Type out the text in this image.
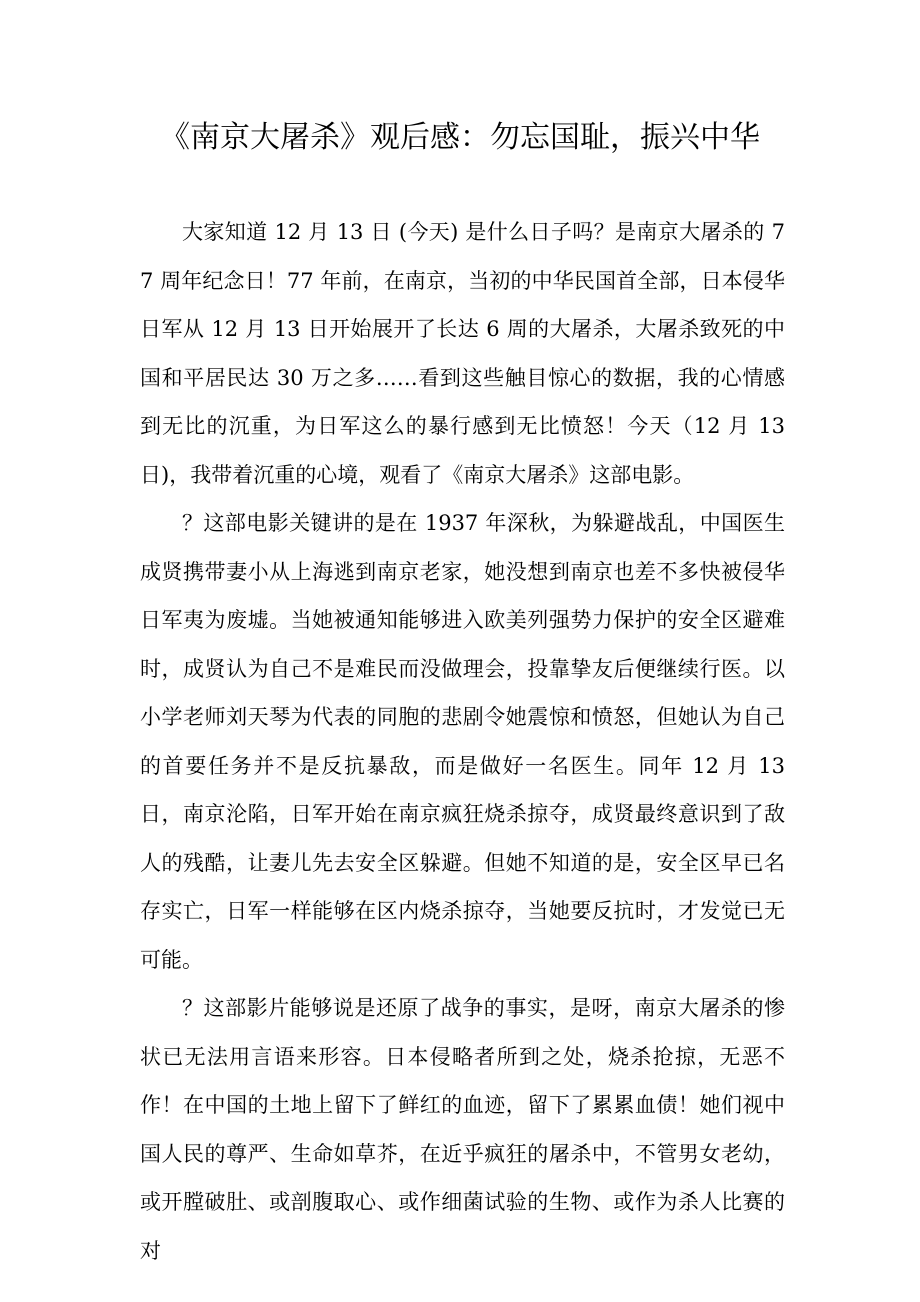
《南京大屠杀》观后感：勿忘国耻，振兴中华

大家知道 12 月 13 日 (今天) 是什么日子吗？是南京大屠杀的 77 周年纪念日！77 年前，在南京，当初的中华民国首全部，日本侵华日军从 12 月 13 日开始展开了长达 6 周的大屠杀，大屠杀致死的中国和平居民达 30 万之多……看到这些触目惊心的数据，我的心情感到无比的沉重，为日军这么的暴行感到无比愤怒！今天（12 月 13 日)，我带着沉重的心境，观看了《南京大屠杀》这部电影。

？这部电影关键讲的是在 1937 年深秋，为躲避战乱，中国医生成贤携带妻小从上海逃到南京老家，她没想到南京也差不多快被侵华日军夷为废墟。当她被通知能够进入欧美列强势力保护的安全区避难时，成贤认为自己不是难民而没做理会，投靠挚友后便继续行医。以小学老师刘天琴为代表的同胞的悲剧令她震惊和愤怒，但她认为自己的首要任务并不是反抗暴敌，而是做好一名医生。同年 12 月 13 日，南京沦陷，日军开始在南京疯狂烧杀掠夺，成贤最终意识到了敌人的残酷，让妻儿先去安全区躲避。但她不知道的是，安全区早已名存实亡，日军一样能够在区内烧杀掠夺，当她要反抗时，才发觉已无可能。

？这部影片能够说是还原了战争的事实，是呀，南京大屠杀的惨状已无法用言语来形容。日本侵略者所到之处，烧杀抢掠，无恶不作！在中国的土地上留下了鲜红的血迹，留下了累累血债！她们视中国人民的尊严、生命如草芥，在近乎疯狂的屠杀中，不管男女老幼，或开膛破肚、或剖腹取心、或作细菌试验的生物、或作为杀人比赛的对
